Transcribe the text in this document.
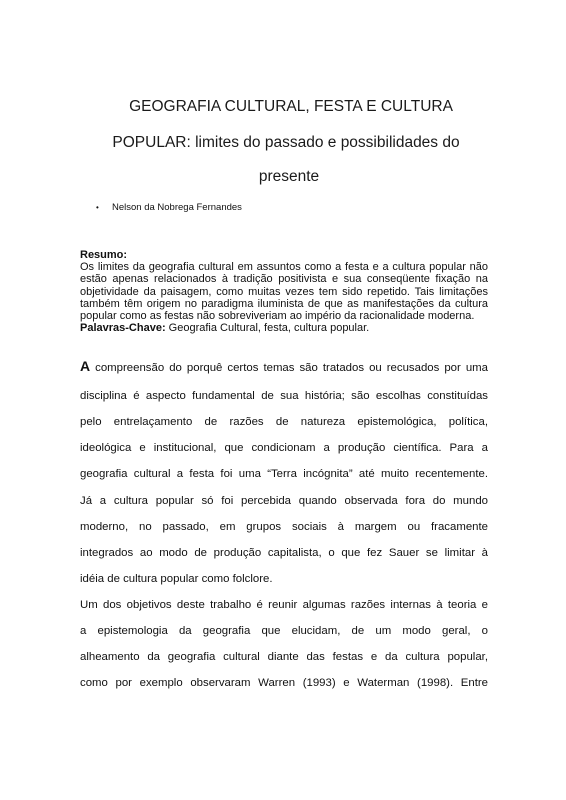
GEOGRAFIA CULTURAL, FESTA E CULTURA
POPULAR: limites do passado e possibilidades do
presente
• Nelson da Nobrega Fernandes
Resumo:
Os limites da geografia cultural em assuntos como a festa e a cultura popular não
estão apenas relacionados à tradição positivista e sua conseqüente fixação na
objetividade da paisagem, como muitas vezes tem sido repetido. Tais limitações
também têm origem no paradigma iluminista de que as manifestações da cultura
popular como as festas não sobreviveriam ao império da racionalidade moderna.
Palavras-Chave: Geografia Cultural, festa, cultura popular.
A compreensão do porquê certos temas são tratados ou recusados por uma
disciplina é aspecto fundamental de sua história; são escolhas constituídas
pelo entrelaçamento de razões de natureza epistemológica, política,
ideológica e institucional, que condicionam a produção científica. Para a
geografia cultural a festa foi uma “Terra incógnita” até muito recentemente.
Já a cultura popular só foi percebida quando observada fora do mundo
moderno, no passado, em grupos sociais à margem ou fracamente
integrados ao modo de produção capitalista, o que fez Sauer se limitar à
idéia de cultura popular como folclore.
Um dos objetivos deste trabalho é reunir algumas razões internas à teoria e
a epistemologia da geografia que elucidam, de um modo geral, o
alheamento da geografia cultural diante das festas e da cultura popular,
como por exemplo observaram Warren (1993) e Waterman (1998). Entre
